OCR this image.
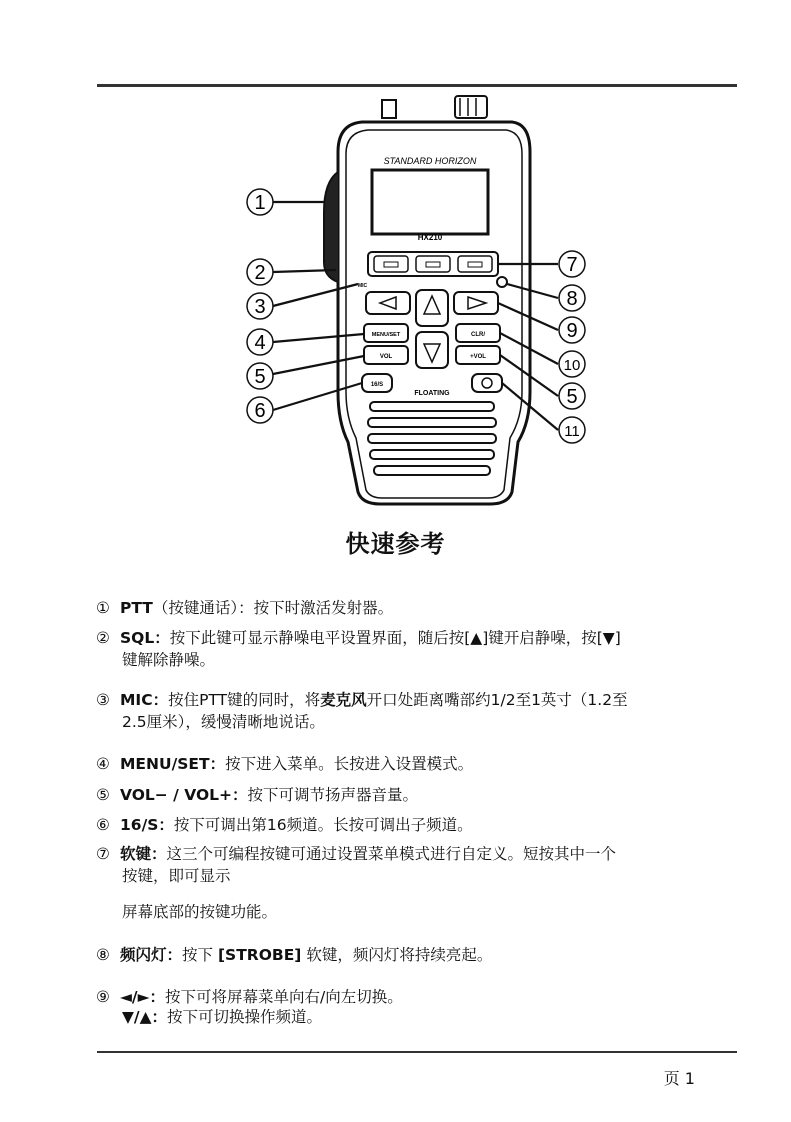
STANDARD HORIZON
HX210
MIC
MENU/SET
VOL
CLR/
+VOL
16/S
FLOATING
1
2
3
4
5
6
7
8
9
10
5
11
快速参考
① PTT（按键通话）：按下时激活发射器。
② SQL：按下此键可显示静噪电平设置界面，随后按[▲]键开启静噪，按[▼]
键解除静噪。
③ MIC：按住PTT键的同时，将麦克风开口处距离嘴部约1/2至1英寸（1.2至
2.5厘米），缓慢清晰地说话。
④ MENU/SET：按下进入菜单。长按进入设置模式。
⑤ VOL− / VOL+：按下可调节扬声器音量。
⑥ 16/S：按下可调出第16频道。长按可调出子频道。
⑦ 软键：这三个可编程按键可通过设置菜单模式进行自定义。短按其中一个
按键，即可显示
屏幕底部的按键功能。
⑧ 频闪灯：按下 [STROBE] 软键，频闪灯将持续亮起。
⑨ ◄/►：按下可将屏幕菜单向右/向左切换。
▼/▲：按下可切换操作频道。
页 1
